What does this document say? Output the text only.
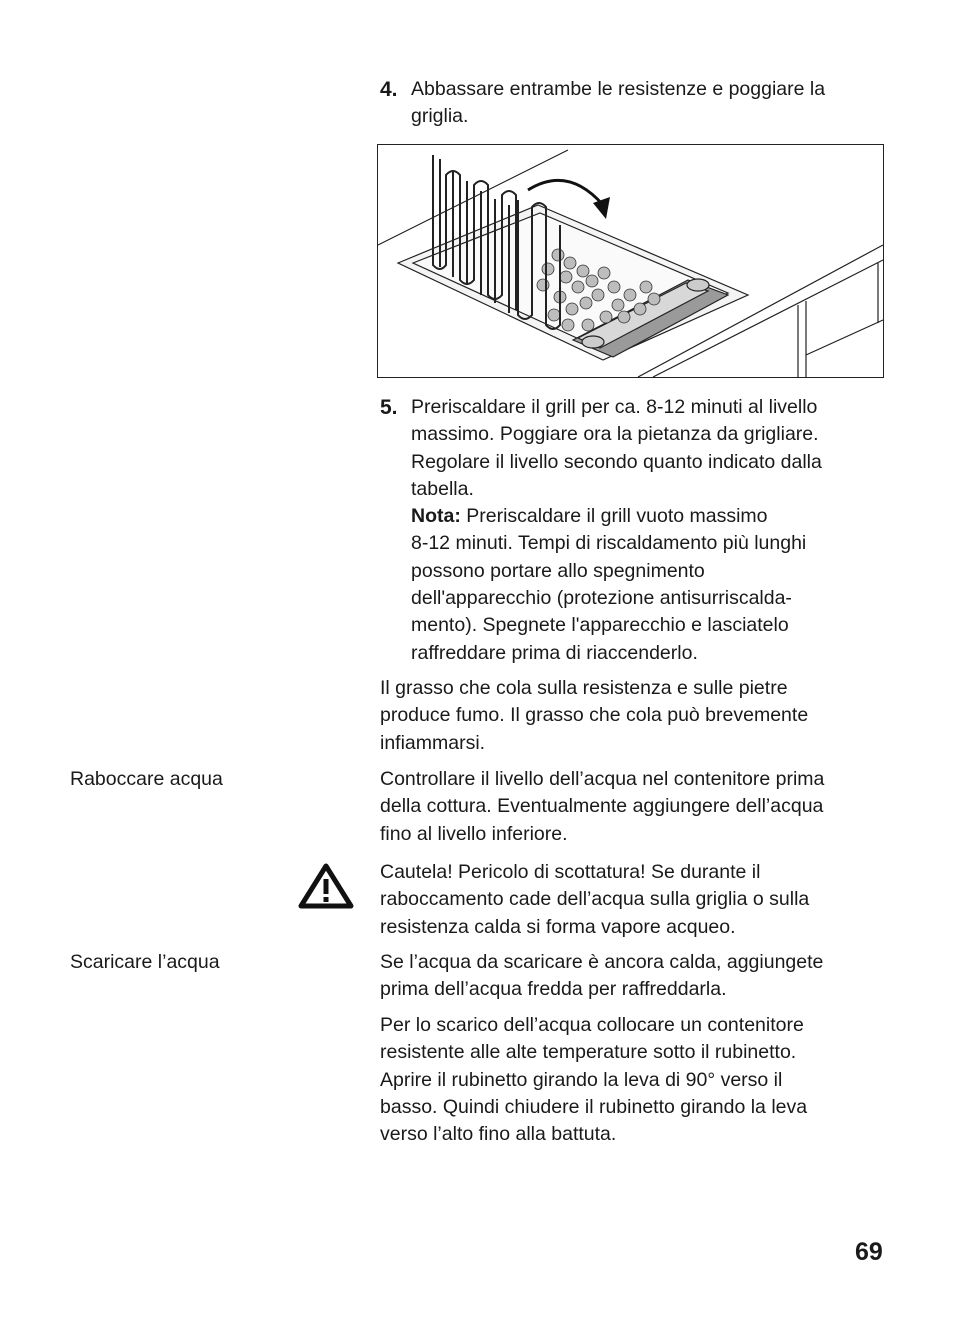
4. Abbassare entrambe le resistenze e poggiare la griglia.
5. Preriscaldare il grill per ca. 8-12 minuti al livello
massimo. Poggiare ora la pietanza da grigliare.
Regolare il livello secondo quanto indicato dalla
tabella.
Nota: Preriscaldare il grill vuoto massimo
8-12 minuti. Tempi di riscaldamento più lunghi
possono portare allo spegnimento
dell'apparecchio (protezione antisurriscalda-
mento). Spegnete l'apparecchio e lasciatelo
raffreddare prima di riaccenderlo.
Il grasso che cola sulla resistenza e sulle pietre
produce fumo. Il grasso che cola può brevemente
infiammarsi.
Raboccare acqua	Controllare il livello dell’acqua nel contenitore prima
della cottura. Eventualmente aggiungere dell’acqua
fino al livello inferiore.
Cautela! Pericolo di scottatura! Se durante il
raboccamento cade dell’acqua sulla griglia o sulla
resistenza calda si forma vapore acqueo.
Scaricare l’acqua	Se l’acqua da scaricare è ancora calda, aggiungete
prima dell’acqua fredda per raffreddarla.
Per lo scarico dell’acqua collocare un contenitore
resistente alle alte temperature sotto il rubinetto.
Aprire il rubinetto girando la leva di 90° verso il
basso. Quindi chiudere il rubinetto girando la leva
verso l’alto fino alla battuta.
69
